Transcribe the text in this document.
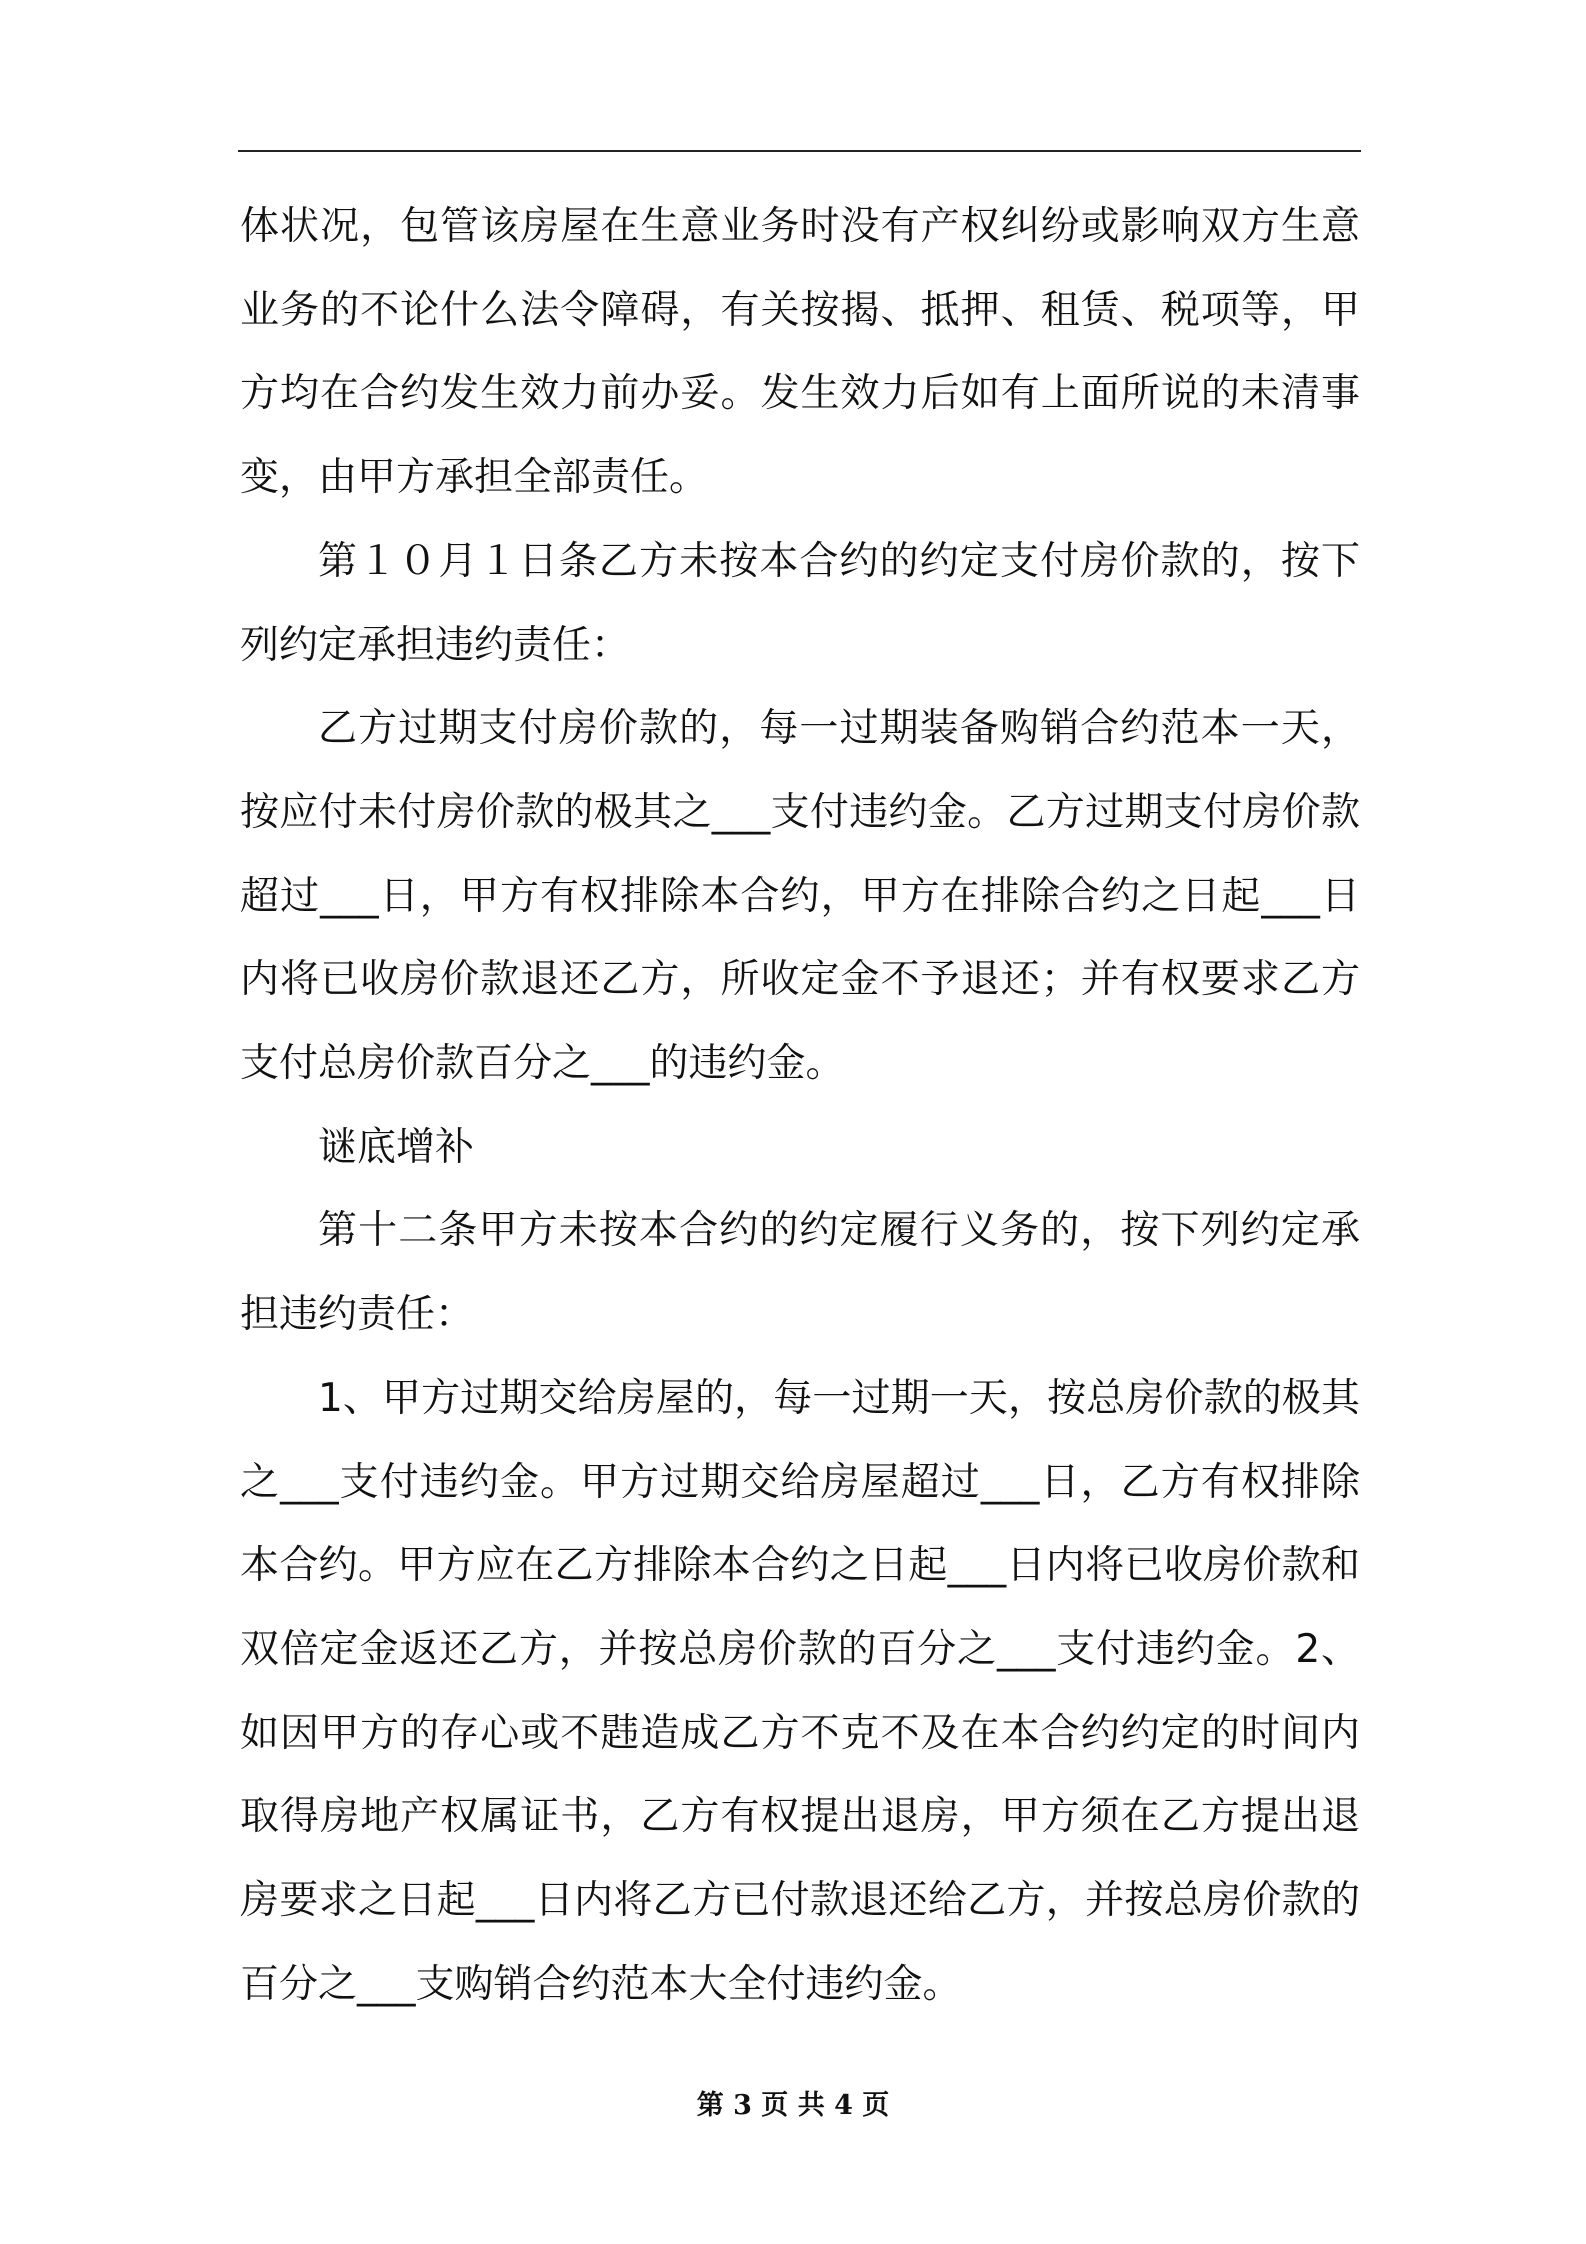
体状况，包管该房屋在生意业务时没有产权纠纷或影响双方生意业务的不论什么法令障碍，有关按揭、抵押、租赁、税项等，甲方均在合约发生效力前办妥。发生效力后如有上面所说的未清事变，由甲方承担全部责任。

第１０月１日条乙方未按本合约的约定支付房价款的，按下列约定承担违约责任：

乙方过期支付房价款的，每一过期装备购销合约范本一天，按应付未付房价款的极其之___支付违约金。乙方过期支付房价款超过___日，甲方有权排除本合约，甲方在排除合约之日起___日内将已收房价款退还乙方，所收定金不予退还；并有权要求乙方支付总房价款百分之___的违约金。

谜底增补

第十二条甲方未按本合约的约定履行义务的，按下列约定承担违约责任：

1、甲方过期交给房屋的，每一过期一天，按总房价款的极其之___支付违约金。甲方过期交给房屋超过___日，乙方有权排除本合约。甲方应在乙方排除本合约之日起___日内将已收房价款和双倍定金返还乙方，并按总房价款的百分之___支付违约金。2、如因甲方的存心或不韪造成乙方不克不及在本合约约定的时间内取得房地产权属证书，乙方有权提出退房，甲方须在乙方提出退房要求之日起___日内将乙方已付款退还给乙方，并按总房价款的百分之___支购销合约范本大全付违约金。

第 3 页 共 4 页
